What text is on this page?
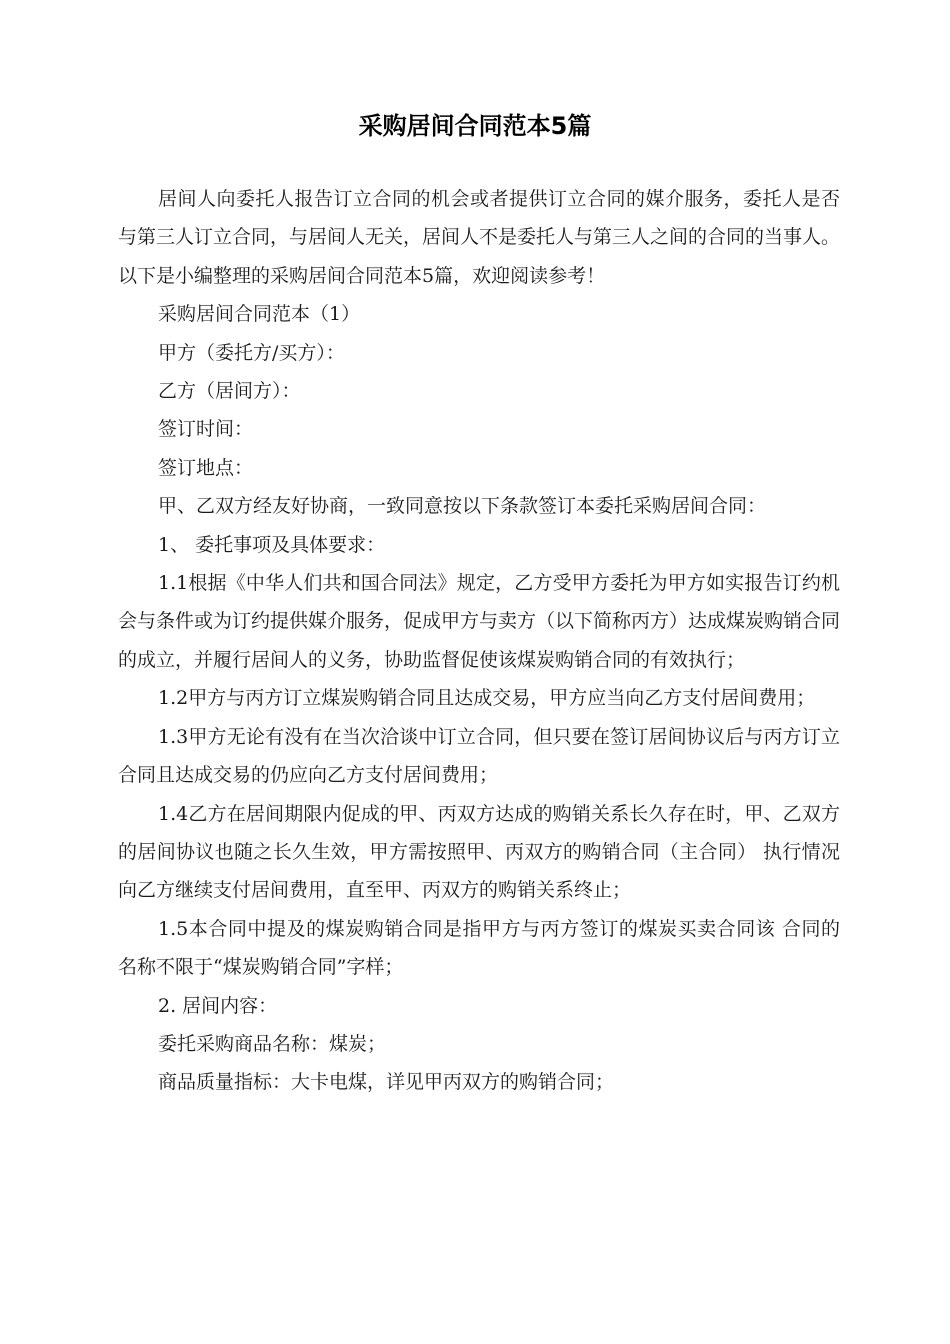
采购居间合同范本5篇

居间人向委托人报告订立合同的机会或者提供订立合同的媒介服务，委托人是否与第三人订立合同，与居间人无关，居间人不是委托人与第三人之间的合同的当事人。以下是小编整理的采购居间合同范本5篇，欢迎阅读参考！

采购居间合同范本（1）

甲方（委托方/买方）：

乙方（居间方）：

签订时间：

签订地点：

甲、乙双方经友好协商，一致同意按以下条款签订本委托采购居间合同：

1、 委托事项及具体要求：

1.1根据《中华人们共和国合同法》规定，乙方受甲方委托为甲方如实报告订约机会与条件或为订约提供媒介服务，促成甲方与卖方（以下简称丙方）达成煤炭购销合同的成立，并履行居间人的义务，协助监督促使该煤炭购销合同的有效执行；

1.2甲方与丙方订立煤炭购销合同且达成交易，甲方应当向乙方支付居间费用；

1.3甲方无论有没有在当次洽谈中订立合同，但只要在签订居间协议后与丙方订立合同且达成交易的仍应向乙方支付居间费用；

1.4乙方在居间期限内促成的甲、丙双方达成的购销关系长久存在时，甲、乙双方的居间协议也随之长久生效，甲方需按照甲、丙双方的购销合同（主合同） 执行情况向乙方继续支付居间费用，直至甲、丙双方的购销关系终止；

1.5本合同中提及的煤炭购销合同是指甲方与丙方签订的煤炭买卖合同该 合同的名称不限于“煤炭购销合同”字样；

2. 居间内容：

委托采购商品名称：煤炭；

商品质量指标：大卡电煤，详见甲丙双方的购销合同；
